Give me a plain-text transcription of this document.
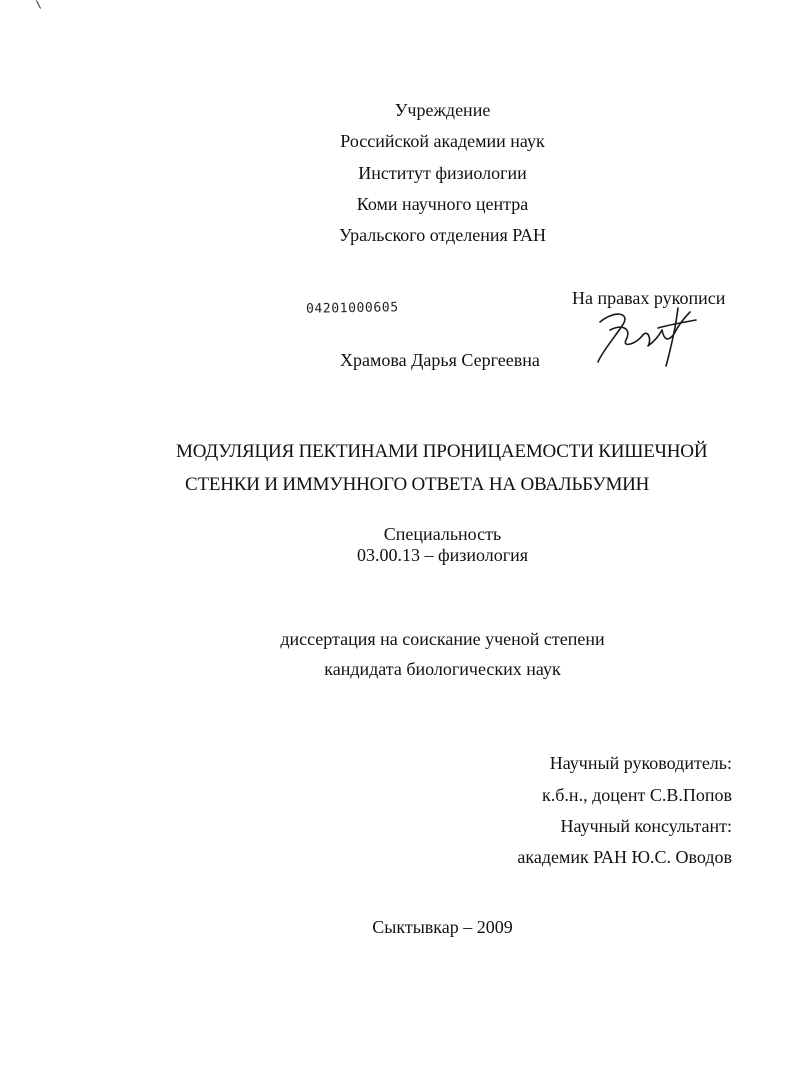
Учреждение
Российской академии наук
Институт физиологии
Коми научного центра
Уральского отделения РАН
04201000605
На правах рукописи
Храмова Дарья Сергеевна
МОДУЛЯЦИЯ ПЕКТИНАМИ ПРОНИЦАЕМОСТИ КИШЕЧНОЙ
СТЕНКИ И ИММУННОГО ОТВЕТА НА ОВАЛЬБУМИН
Специальность
03.00.13 – физиология
диссертация на соискание ученой степени
кандидата биологических наук
Научный руководитель:
к.б.н., доцент С.В.Попов
Научный консультант:
академик РАН Ю.С. Оводов
Сыктывкар – 2009
